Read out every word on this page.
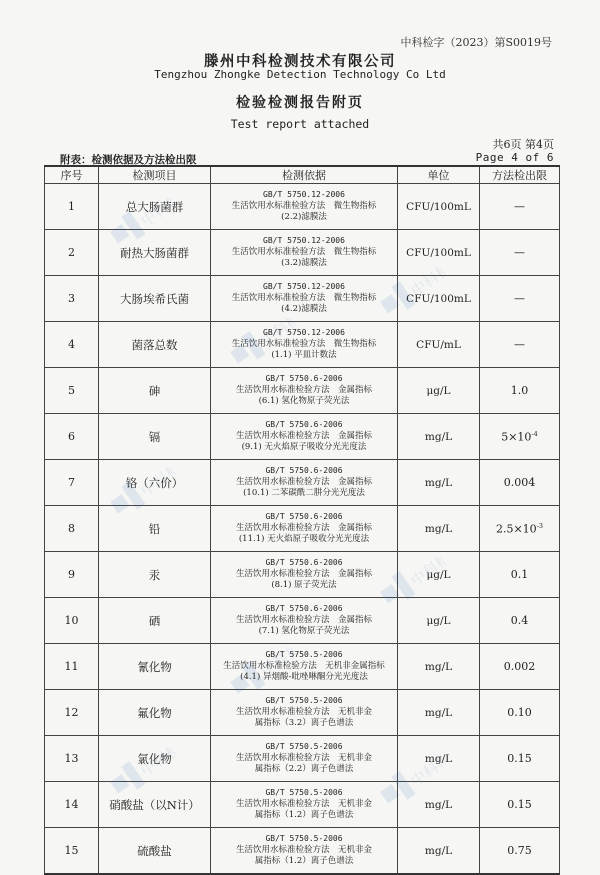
中科检字（2023）第S0019号
滕州中科检测技术有限公司
Tengzhou Zhongke Detection Technology Co Ltd
检验检测报告附页
Test report attached
共6页 第4页
Page 4 of 6
附表：检测依据及方法检出限
序号	检测项目	检测依据	单位	方法检出限
1	总大肠菌群	GB/T 5750.12-2006
生活饮用水标准检验方法　微生物指标
(2.2)滤膜法	CFU/100mL	—
2	耐热大肠菌群	GB/T 5750.12-2006
生活饮用水标准检验方法　微生物指标
(3.2)滤膜法	CFU/100mL	—
3	大肠埃希氏菌	GB/T 5750.12-2006
生活饮用水标准检验方法　微生物指标
(4.2)滤膜法	CFU/100mL	—
4	菌落总数	GB/T 5750.12-2006
生活饮用水标准检验方法　微生物指标
(1.1) 平皿计数法	CFU/mL	—
5	砷	GB/T 5750.6-2006
生活饮用水标准检验方法　金属指标
(6.1) 氢化物原子荧光法	μg/L	1.0
6	镉	GB/T 5750.6-2006
生活饮用水标准检验方法　金属指标
(9.1) 无火焰原子吸收分光光度法	mg/L	$5\times 10^{-4}$
7	铬（六价）	GB/T 5750.6-2006
生活饮用水标准检验方法　金属指标
(10.1) 二苯碳酰二肼分光光度法	mg/L	0.004
8	铅	GB/T 5750.6-2006
生活饮用水标准检验方法　金属指标
(11.1) 无火焰原子吸收分光光度法	mg/L	$2.5\times 10^{-3}$
9	汞	GB/T 5750.6-2006
生活饮用水标准检验方法　金属指标
(8.1) 原子荧光法	μg/L	0.1
10	硒	GB/T 5750.6-2006
生活饮用水标准检验方法　金属指标
(7.1) 氢化物原子荧光法	μg/L	0.4
11	氰化物	GB/T 5750.5-2006
生活饮用水标准检验方法　无机非金属指标
(4.1) 异烟酸-吡唑啉酮分光光度法	mg/L	0.002
12	氟化物	GB/T 5750.5-2006
生活饮用水标准检验方法　无机非金
属指标（3.2）离子色谱法	mg/L	0.10
13	氯化物	GB/T 5750.5-2006
生活饮用水标准检验方法　无机非金
属指标（2.2）离子色谱法	mg/L	0.15
14	硝酸盐（以N计）	GB/T 5750.5-2006
生活饮用水标准检验方法　无机非金
属指标（1.2）离子色谱法	mg/L	0.15
15	硫酸盐	GB/T 5750.5-2006
生活饮用水标准检验方法　无机非金
属指标（1.2）离子色谱法	mg/L	0.75
中科检测
中科检测
中科检测
中科检测
中科检测
中科检测
中科检测	中科检测
